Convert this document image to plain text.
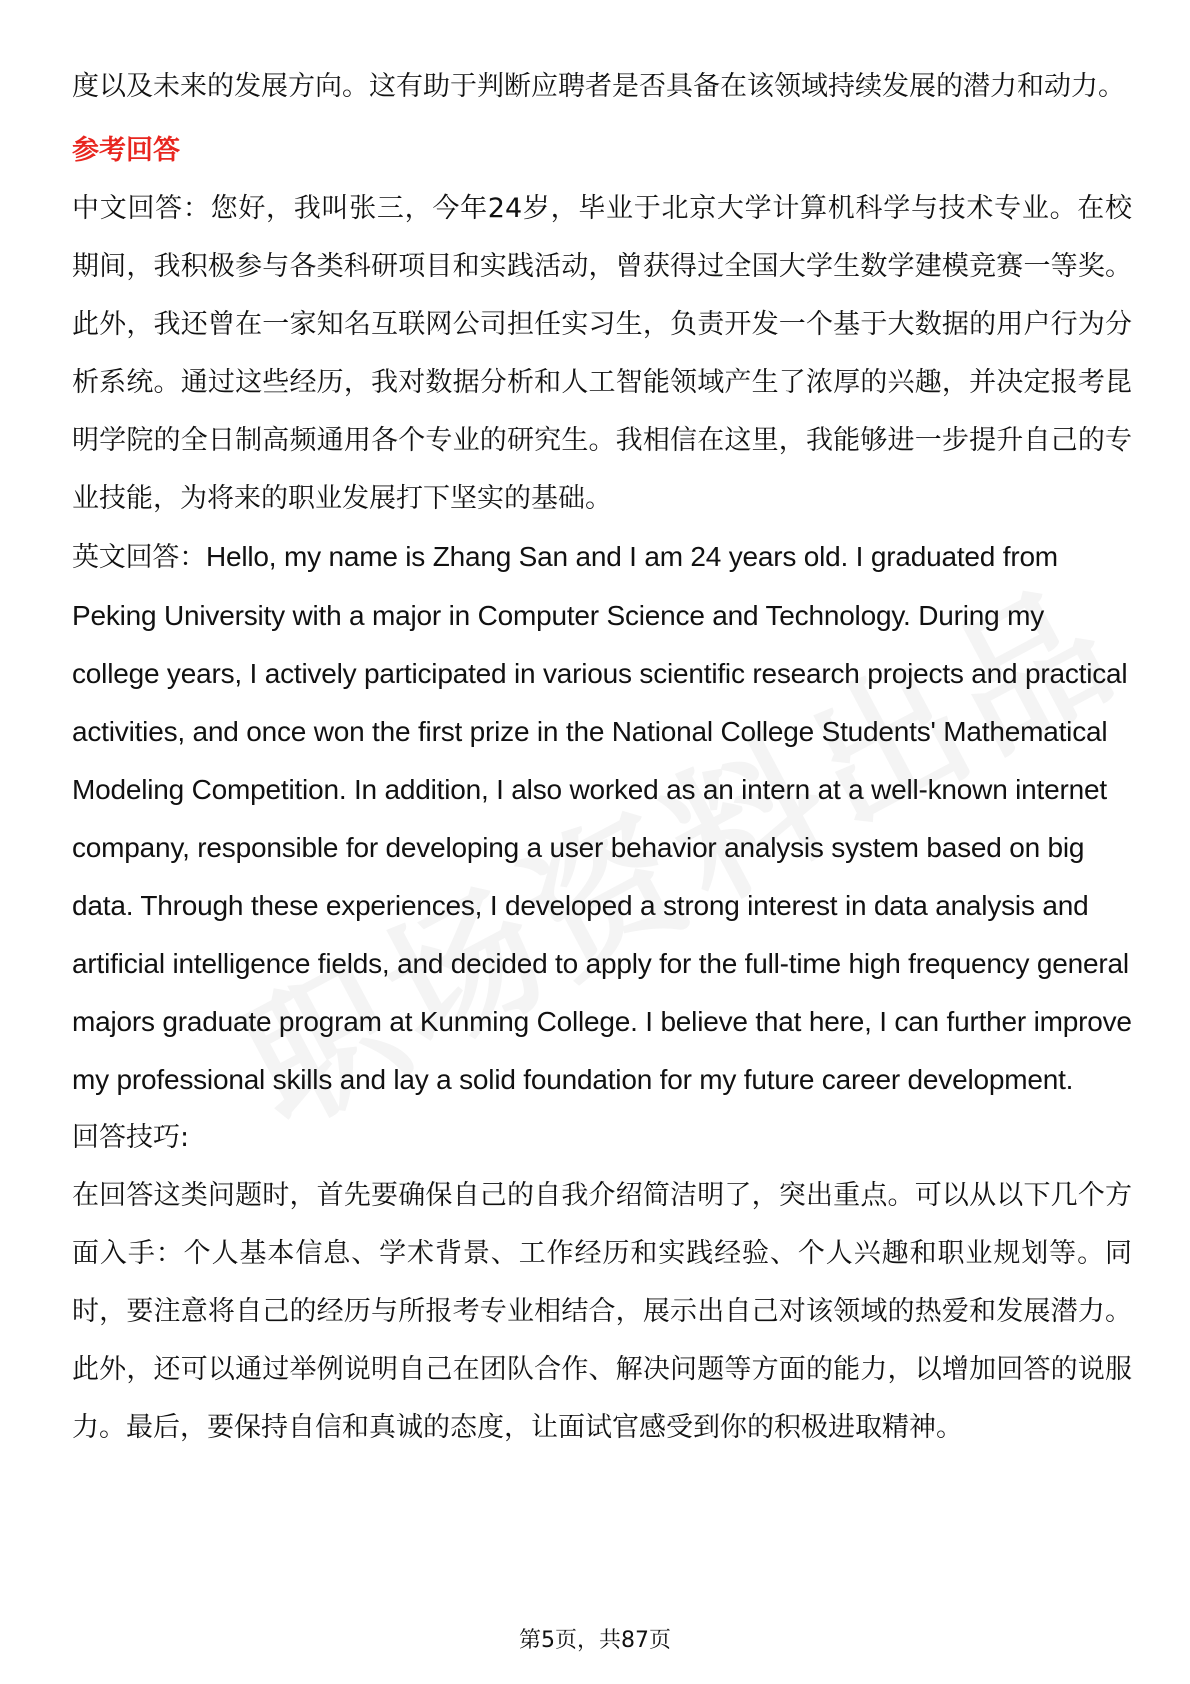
度以及未来的发展方向。这有助于判断应聘者是否具备在该领域持续发展的潜力和动力。

参考回答

中文回答：您好，我叫张三，今年24岁，毕业于北京大学计算机科学与技术专业。在校期间，我积极参与各类科研项目和实践活动，曾获得过全国大学生数学建模竞赛一等奖。此外，我还曾在一家知名互联网公司担任实习生，负责开发一个基于大数据的用户行为分析系统。通过这些经历，我对数据分析和人工智能领域产生了浓厚的兴趣，并决定报考昆明学院的全日制高频通用各个专业的研究生。我相信在这里，我能够进一步提升自己的专业技能，为将来的职业发展打下坚实的基础。

英文回答：Hello, my name is Zhang San and I am 24 years old. I graduated from Peking University with a major in Computer Science and Technology. During my college years, I actively participated in various scientific research projects and practical activities, and once won the first prize in the National College Students' Mathematical Modeling Competition. In addition, I also worked as an intern at a well-known internet company, responsible for developing a user behavior analysis system based on big data. Through these experiences, I developed a strong interest in data analysis and artificial intelligence fields, and decided to apply for the full-time high frequency general majors graduate program at Kunming College. I believe that here, I can further improve my professional skills and lay a solid foundation for my future career development.

回答技巧:

在回答这类问题时，首先要确保自己的自我介绍简洁明了，突出重点。可以从以下几个方面入手：个人基本信息、学术背景、工作经历和实践经验、个人兴趣和职业规划等。同时，要注意将自己的经历与所报考专业相结合，展示出自己对该领域的热爱和发展潜力。此外，还可以通过举例说明自己在团队合作、解决问题等方面的能力，以增加回答的说服力。最后，要保持自信和真诚的态度，让面试官感受到你的积极进取精神。

第5页，共87页
